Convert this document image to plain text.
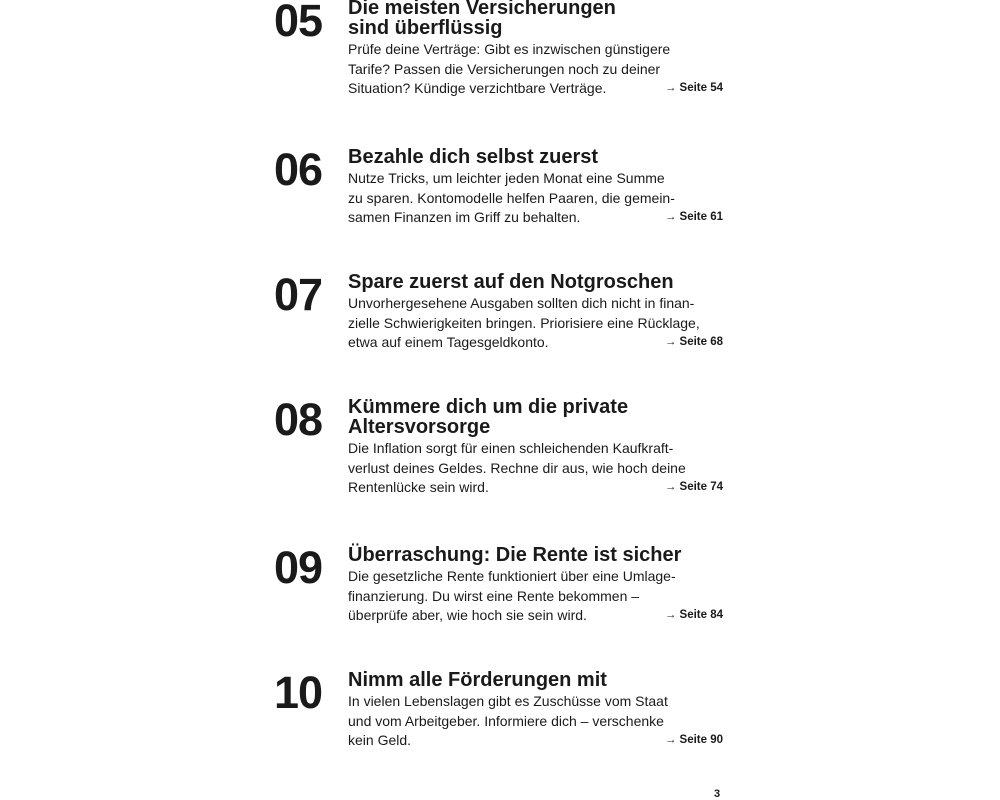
05 Die meisten Versicherungen
sind überflüssig
Prüfe deine Verträge: Gibt es inzwischen günstigere
Tarife? Passen die Versicherungen noch zu deiner
Situation? Kündige verzichtbare Verträge.	→ Seite 54
06 Bezahle dich selbst zuerst
Nutze Tricks, um leichter jeden Monat eine Summe
zu sparen. Kontomodelle helfen Paaren, die gemein-
samen Finanzen im Griff zu behalten.	→ Seite 61
07 Spare zuerst auf den Notgroschen
Unvorhergesehene Ausgaben sollten dich nicht in finan-
zielle Schwierigkeiten bringen. Priorisiere eine Rücklage,
etwa auf einem Tagesgeldkonto.	→ Seite 68
08 Kümmere dich um die private
Altersvorsorge
Die Inflation sorgt für einen schleichenden Kaufkraft-
verlust deines Geldes. Rechne dir aus, wie hoch deine
Rentenlücke sein wird.	→ Seite 74
09 Überraschung: Die Rente ist sicher
Die gesetzliche Rente funktioniert über eine Umlage-
finanzierung. Du wirst eine Rente bekommen –
überprüfe aber, wie hoch sie sein wird.	→ Seite 84
10 Nimm alle Förderungen mit
In vielen Lebenslagen gibt es Zuschüsse vom Staat
und vom Arbeitgeber. Informiere dich – verschenke
kein Geld.	→ Seite 90
3
